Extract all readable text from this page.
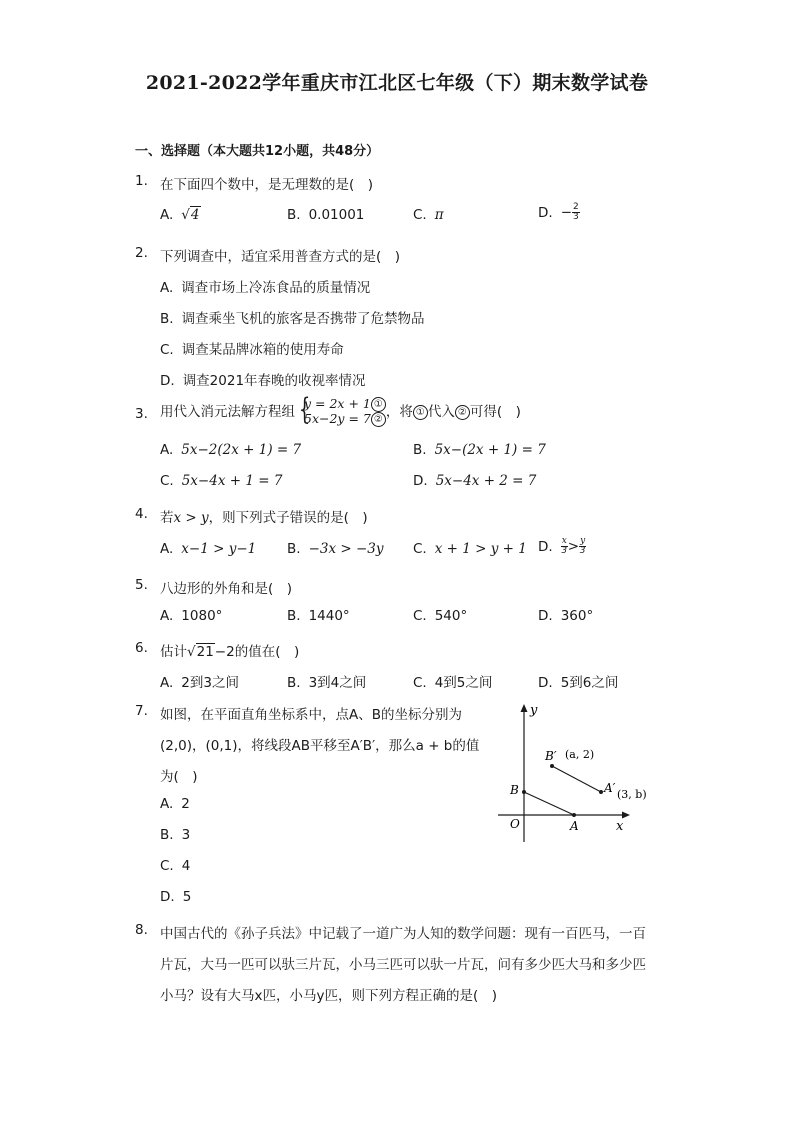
2021-2022学年重庆市江北区七年级（下）期末数学试卷
一、选择题（本大题共12小题，共48分）
1. 在下面四个数中，是无理数的是(　)
A. √4	B. 0.01001	C. π	D. − $\frac{2}{3}$
2. 下列调查中，适宜采用普查方式的是(　)
A. 调查市场上冷冻食品的质量情况
B. 调查乘坐飞机的旅客是否携带了危禁物品
C. 调查某品牌冰箱的使用寿命
D. 调查2021年春晚的收视率情况
3. 用代入消元法解方程组 {
y = 2x + 1 ①
5x−2y = 7 ② ，将 ① 代入 ② 可得(　)
A. 5x−2(2x + 1) = 7	B. 5x−(2x + 1) = 7
C. 5x−4x + 1 = 7	D. 5x−4x + 2 = 7
4. 若x > y，则下列式子错误的是(　)
A. x−1 > y−1 B. −3x > −3y C. x + 1 > y + 1 D. $\frac{x}{3} > \frac{y}{3}$
5. 八边形的外角和是(　)
A. 1080°	B. 1440°	C. 540°	D. 360°
6. 估计√21−2的值在(　)
A. 2到3之间	B. 3到4之间	C. 4到5之间	D. 5到6之间
7. 如图，在平面直角坐标系中，点A、B的坐标分别为
(2,0)，(0,1)，将线段AB平移至A′B′，那么a + b的值
为(　)
A. 2
B. 3
C. 4
D. 5
y
x
O
B
A
B′ (a, 2)
A′ (3, b)
8. 中国古代的《孙子兵法》中记载了一道广为人知的数学问题：现有一百匹马，一百
片瓦，大马一匹可以驮三片瓦，小马三匹可以驮一片瓦，问有多少匹大马和多少匹
小马？设有大马x匹，小马y匹，则下列方程正确的是(　)
